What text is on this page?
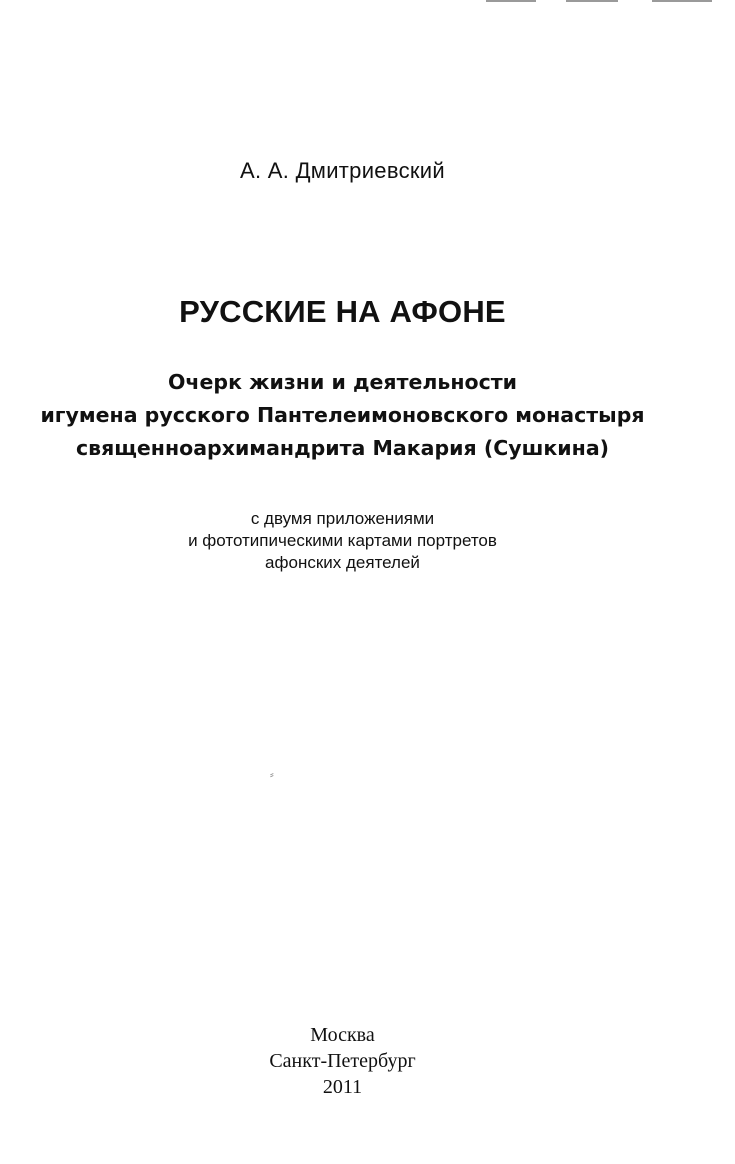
А. А. Дмитриевский
РУССКИЕ НА АФОНЕ
Очерк жизни и деятельности
игумена русского Пантелеимоновского монастыря
священноархимандрита Макария (Сушкина)
с двумя приложениями
и фототипическими картами портретов
афонских деятелей
⸗
Москва
Санкт-Петербург
2011
